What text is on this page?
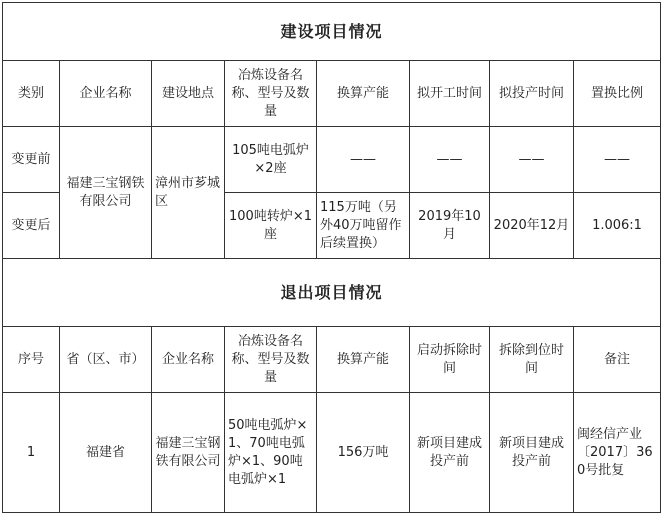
建设项目情况							
类别	企业名称	建设地点	冶炼设备名称、型号及数量	换算产能	拟开工时间	拟投产时间	置换比例
变更前	福建三宝钢铁有限公司	漳州市芗城区	105吨电弧炉×2座	——	——	——	——
变更后			100吨转炉×1座	115万吨（另外40万吨留作后续置换）	2019年10月	2020年12月	1.006:1
退出项目情况							
序号	省（区、市）	企业名称	冶炼设备名称、型号及数量	换算产能	启动拆除时间	拆除到位时间	备注
1	福建省	福建三宝钢铁有限公司	50吨电弧炉×1、70吨电弧炉×1、90吨电弧炉×1	156万吨	新项目建成投产前	新项目建成投产前	闽经信产业〔2017〕360号批复
